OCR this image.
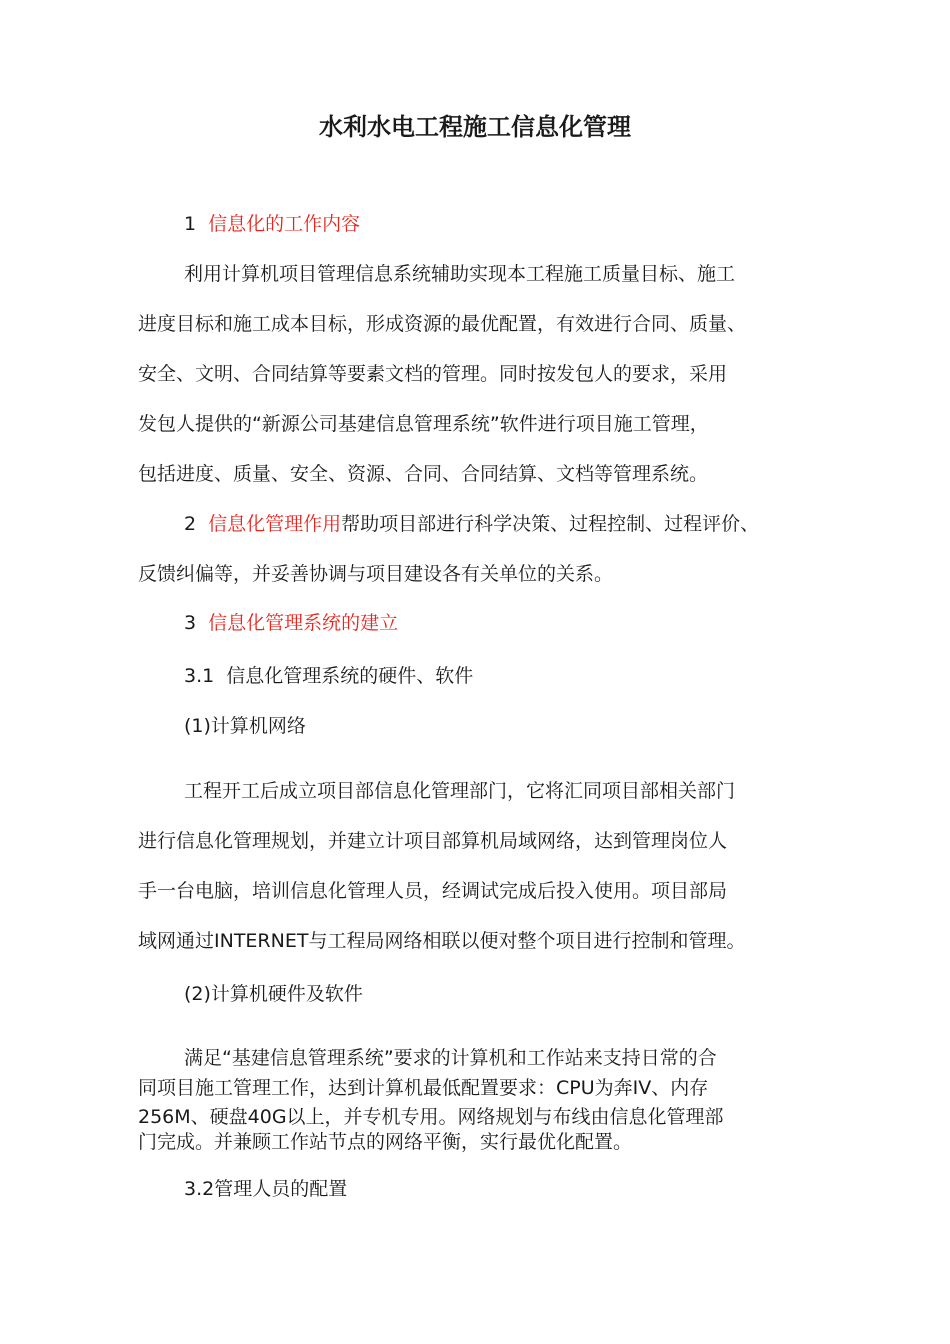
水利水电工程施工信息化管理
1 信息化的工作内容
利用计算机项目管理信息系统辅助实现本工程施工质量目标、施工
进度目标和施工成本目标，形成资源的最优配置，有效进行合同、质量、
安全、文明、合同结算等要素文档的管理。同时按发包人的要求，采用
发包人提供的“新源公司基建信息管理系统”软件进行项目施工管理，
包括进度、质量、安全、资源、合同、合同结算、文档等管理系统。
2 信息化管理作用帮助项目部进行科学决策、过程控制、过程评价、
反馈纠偏等，并妥善协调与项目建设各有关单位的关系。
3 信息化管理系统的建立
3.1 信息化管理系统的硬件、软件
(1)计算机网络
工程开工后成立项目部信息化管理部门，它将汇同项目部相关部门
进行信息化管理规划，并建立计项目部算机局域网络，达到管理岗位人
手一台电脑，培训信息化管理人员，经调试完成后投入使用。项目部局
域网通过INTERNET与工程局网络相联以便对整个项目进行控制和管理。
(2)计算机硬件及软件
满足“基建信息管理系统”要求的计算机和工作站来支持日常的合
同项目施工管理工作，达到计算机最低配置要求：CPU为奔IV、内存
256M、硬盘40G以上，并专机专用。网络规划与布线由信息化管理部
门完成。并兼顾工作站节点的网络平衡，实行最优化配置。
3.2管理人员的配置
